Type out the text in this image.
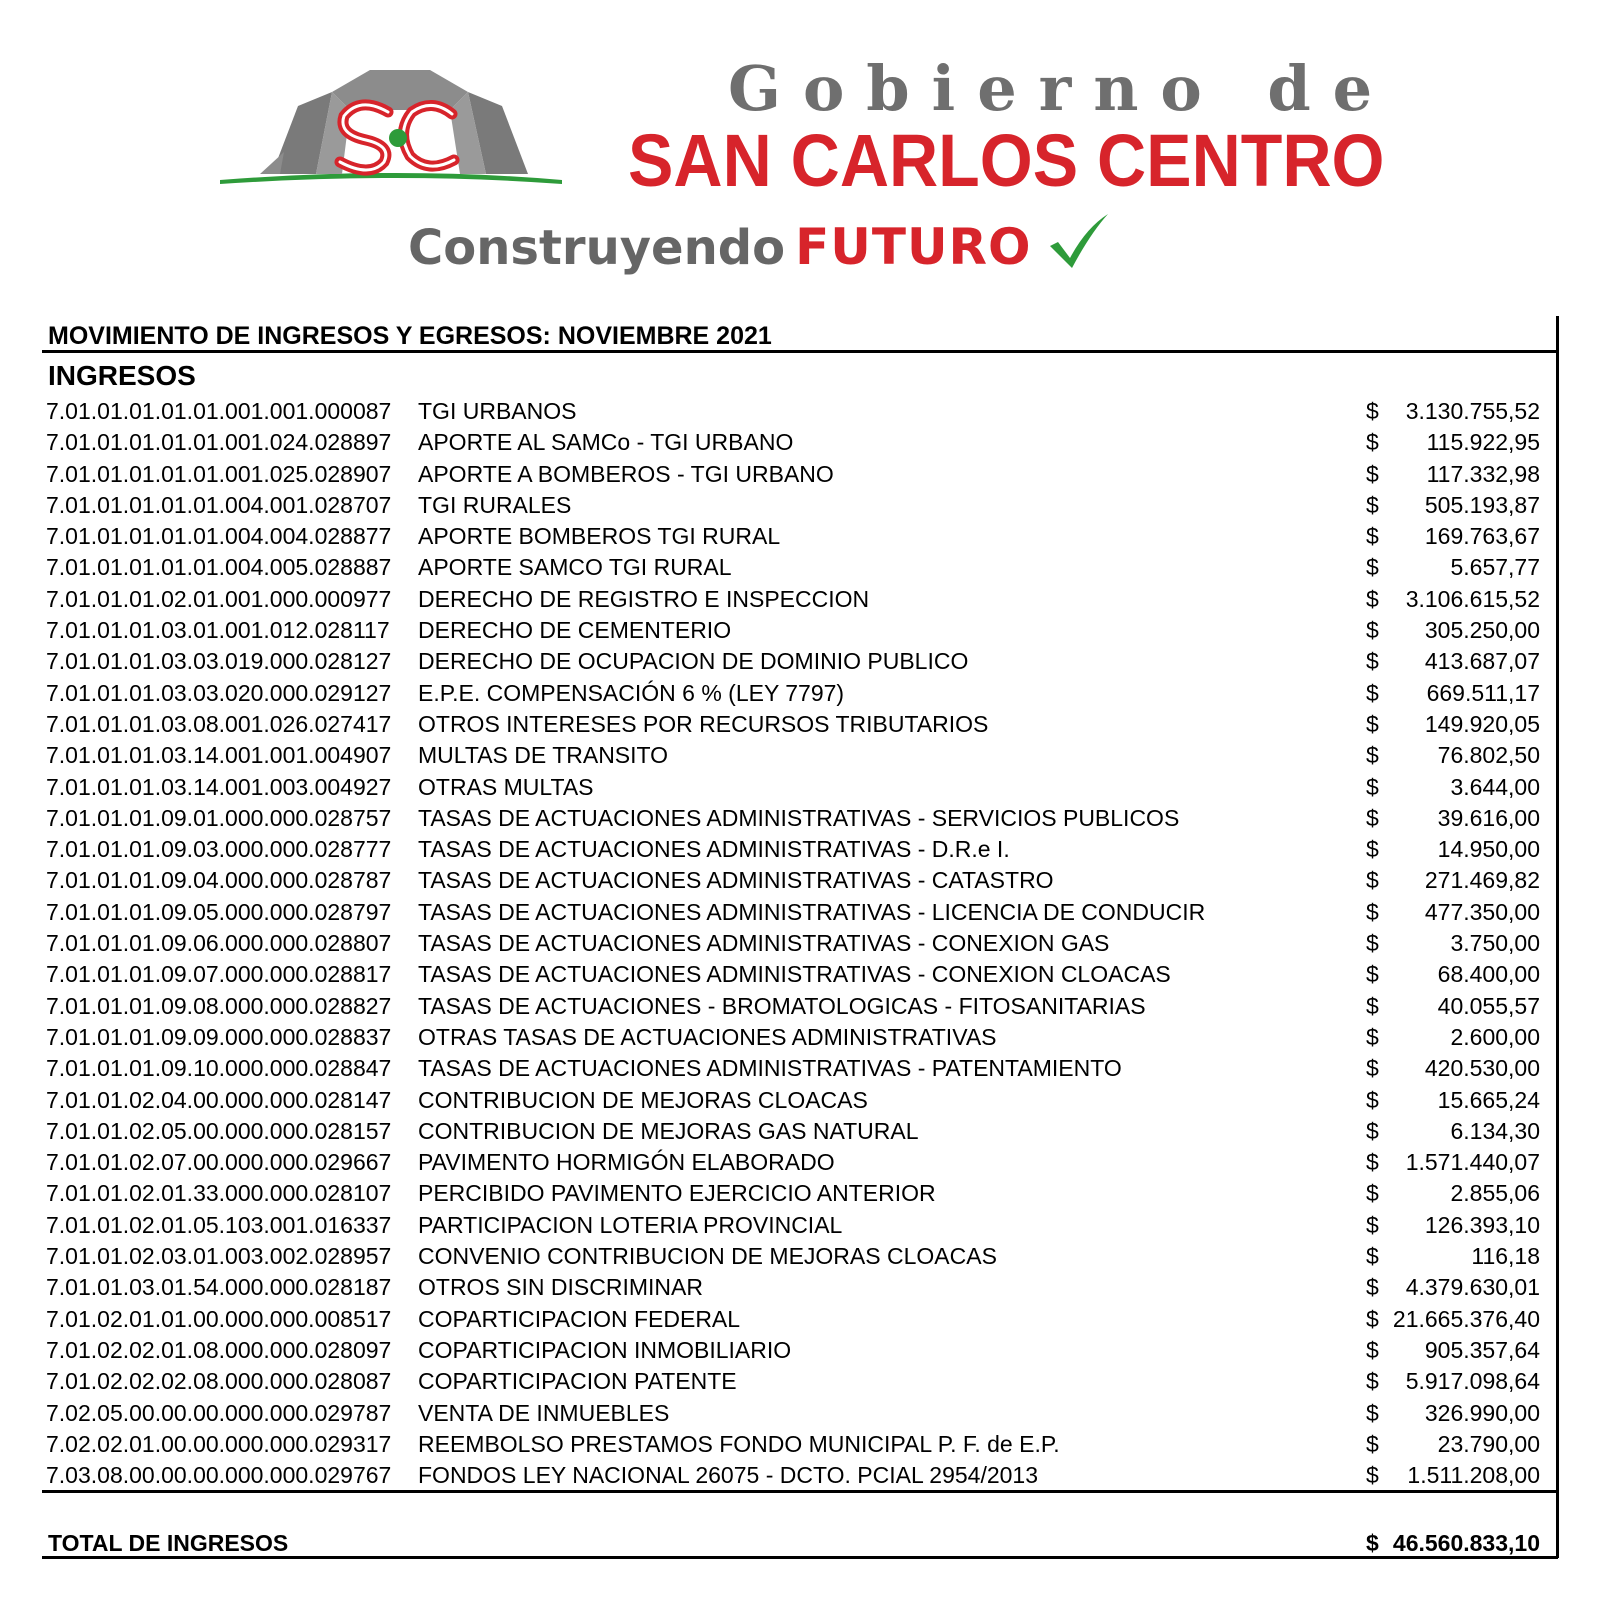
Gobierno de
SAN CARLOS CENTRO
Construyendo FUTURO
MOVIMIENTO DE INGRESOS Y EGRESOS: NOVIEMBRE 2021
INGRESOS
7.01.01.01.01.01.001.001.000087 TGI URBANOS	$	3.130.755,52
7.01.01.01.01.01.001.024.028897 APORTE AL SAMCo - TGI URBANO	$	115.922,95
7.01.01.01.01.01.001.025.028907 APORTE A BOMBEROS - TGI URBANO	$	117.332,98
7.01.01.01.01.01.004.001.028707 TGI RURALES	$	505.193,87
7.01.01.01.01.01.004.004.028877 APORTE BOMBEROS TGI RURAL	$	169.763,67
7.01.01.01.01.01.004.005.028887 APORTE SAMCO TGI RURAL	$	5.657,77
7.01.01.01.02.01.001.000.000977 DERECHO DE REGISTRO E INSPECCION	$	3.106.615,52
7.01.01.01.03.01.001.012.028117 DERECHO DE CEMENTERIO	$	305.250,00
7.01.01.01.03.03.019.000.028127 DERECHO DE OCUPACION DE DOMINIO PUBLICO	$	413.687,07
7.01.01.01.03.03.020.000.029127 E.P.E. COMPENSACIÓN 6 % (LEY 7797)	$	669.511,17
7.01.01.01.03.08.001.026.027417 OTROS INTERESES POR RECURSOS TRIBUTARIOS	$	149.920,05
7.01.01.01.03.14.001.001.004907 MULTAS DE TRANSITO	$	76.802,50
7.01.01.01.03.14.001.003.004927 OTRAS MULTAS	$	3.644,00
7.01.01.01.09.01.000.000.028757 TASAS DE ACTUACIONES ADMINISTRATIVAS - SERVICIOS PUBLICOS	$	39.616,00
7.01.01.01.09.03.000.000.028777 TASAS DE ACTUACIONES ADMINISTRATIVAS - D.R.e I.	$	14.950,00
7.01.01.01.09.04.000.000.028787 TASAS DE ACTUACIONES ADMINISTRATIVAS - CATASTRO	$	271.469,82
7.01.01.01.09.05.000.000.028797 TASAS DE ACTUACIONES ADMINISTRATIVAS - LICENCIA DE CONDUCIR	$	477.350,00
7.01.01.01.09.06.000.000.028807 TASAS DE ACTUACIONES ADMINISTRATIVAS - CONEXION GAS	$	3.750,00
7.01.01.01.09.07.000.000.028817 TASAS DE ACTUACIONES ADMINISTRATIVAS - CONEXION CLOACAS	$	68.400,00
7.01.01.01.09.08.000.000.028827 TASAS DE ACTUACIONES - BROMATOLOGICAS - FITOSANITARIAS	$	40.055,57
7.01.01.01.09.09.000.000.028837 OTRAS TASAS DE ACTUACIONES ADMINISTRATIVAS	$	2.600,00
7.01.01.01.09.10.000.000.028847 TASAS DE ACTUACIONES ADMINISTRATIVAS - PATENTAMIENTO	$	420.530,00
7.01.01.02.04.00.000.000.028147 CONTRIBUCION DE MEJORAS CLOACAS	$	15.665,24
7.01.01.02.05.00.000.000.028157 CONTRIBUCION DE MEJORAS GAS NATURAL	$	6.134,30
7.01.01.02.07.00.000.000.029667 PAVIMENTO HORMIGÓN ELABORADO	$	1.571.440,07
7.01.01.02.01.33.000.000.028107 PERCIBIDO PAVIMENTO EJERCICIO ANTERIOR	$	2.855,06
7.01.01.02.01.05.103.001.016337 PARTICIPACION LOTERIA PROVINCIAL	$	126.393,10
7.01.01.02.03.01.003.002.028957 CONVENIO CONTRIBUCION DE MEJORAS CLOACAS	$	116,18
7.01.01.03.01.54.000.000.028187 OTROS SIN DISCRIMINAR	$	4.379.630,01
7.01.02.01.01.00.000.000.008517 COPARTICIPACION FEDERAL	$ 21.665.376,40
7.01.02.02.01.08.000.000.028097 COPARTICIPACION INMOBILIARIO	$	905.357,64
7.01.02.02.02.08.000.000.028087 COPARTICIPACION PATENTE	$	5.917.098,64
7.02.05.00.00.00.000.000.029787 VENTA DE INMUEBLES	$	326.990,00
7.02.02.01.00.00.000.000.029317 REEMBOLSO PRESTAMOS FONDO MUNICIPAL P. F. de E.P.	$	23.790,00
7.03.08.00.00.00.000.000.029767 FONDOS LEY NACIONAL 26075 - DCTO. PCIAL 2954/2013	$	1.511.208,00
TOTAL DE INGRESOS	$ 46.560.833,10
